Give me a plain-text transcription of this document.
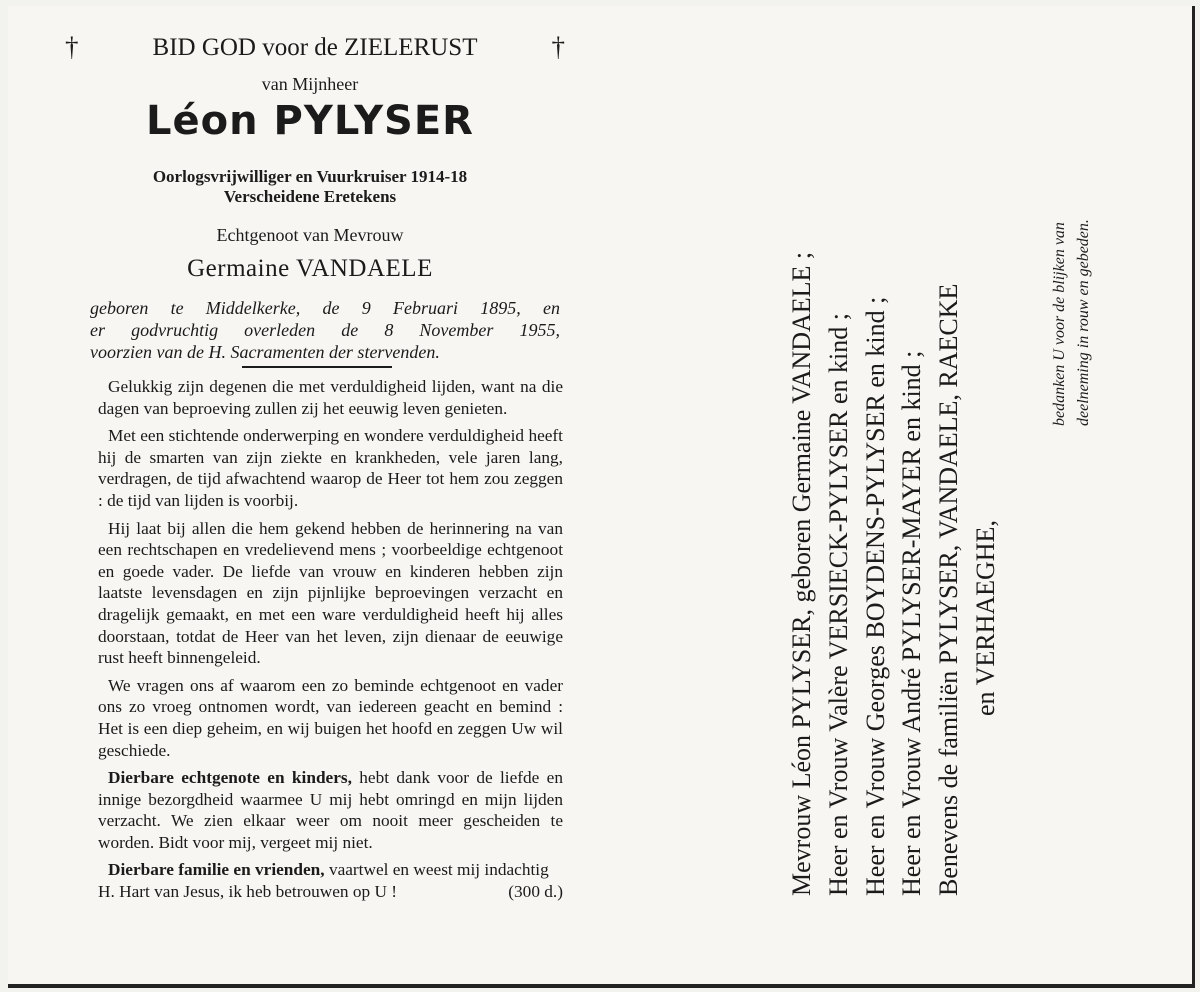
†	BID GOD voor de ZIELERUST	†
van Mijnheer
Léon PYLYSER
Oorlogsvrijwilliger en Vuurkruiser 1914-18
Verscheidene Eretekens
Echtgenoot van Mevrouw
Germaine VANDAELE

geboren te Middelkerke, de 9 Februari 1895, en

er godvruchtig overleden de 8 November 1955,

voorzien van de H. Sacramenten der stervenden.

Gelukkig zijn degenen die met verduldigheid lijden, want na die dagen van beproeving zullen zij het eeuwig leven genieten.

Met een stichtende onderwerping en wondere verduldigheid heeft hij de smarten van zijn ziekte en krankheden, vele jaren lang, verdragen, de tijd afwachtend waarop de Heer tot hem zou zeggen : de tijd van lijden is voorbij.

Hij laat bij allen die hem gekend hebben de herinnering na van een rechtschapen en vredelievend mens ; voorbeeldige echtgenoot en goede vader. De liefde van vrouw en kinderen hebben zijn laatste levensdagen en zijn pijnlijke beproevingen verzacht en dragelijk gemaakt, en met een ware verduldigheid heeft hij alles doorstaan, totdat de Heer van het leven, zijn dienaar de eeuwige rust heeft binnengeleid.

We vragen ons af waarom een zo beminde echtgenoot en vader ons zo vroeg ontnomen wordt, van iedereen geacht en bemind : Het is een diep geheim, en wij buigen het hoofd en zeggen Uw wil geschiede.

Dierbare echtgenote en kinders, hebt dank voor de liefde en innige bezorgdheid waarmee U mij hebt omringd en mijn lijden verzacht. We zien elkaar weer om nooit meer gescheiden te worden. Bidt voor mij, vergeet mij niet.

Dierbare familie en vrienden, vaartwel en weest mij indachtig

H. Hart van Jesus, ik heb betrouwen op U !	(300 d.)	Mevrouw Léon PYLYSER, geboren Germaine VANDAELE ; Heer en Vrouw Valère VERSIECK-PYLYSER en kind ; Heer en Vrouw Georges BOYDENS-PYLYSER en kind ; Heer en Vrouw André PYLYSER-MAYER en kind ; Benevens de familiën PYLYSER, VANDAELE, RAECKE en VERHAEGHE,
bedanken U voor de blijken van deelneming in rouw en gebeden.
